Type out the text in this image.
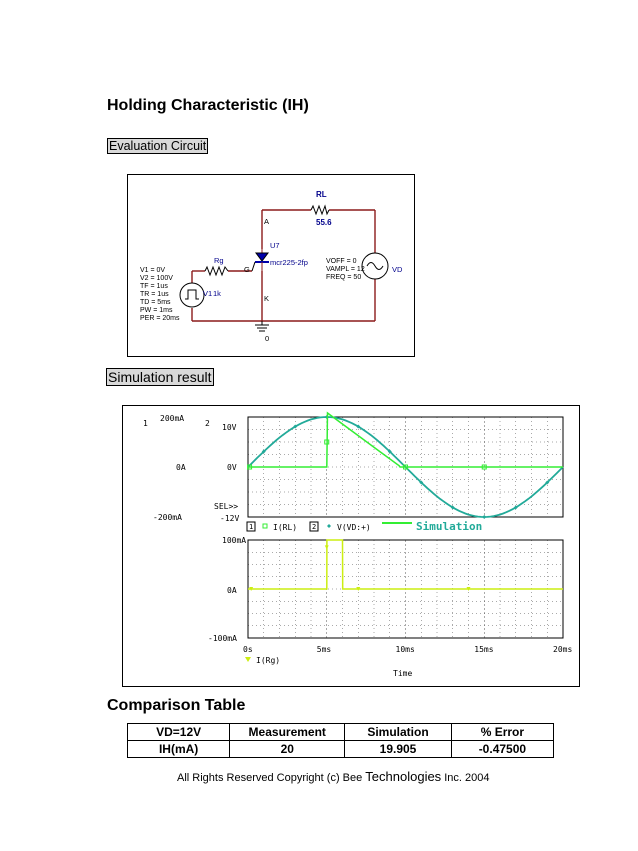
Holding Characteristic (IH)
Evaluation Circuit
RL
55.6
A
K
G
U7
mcr225-2fp
Rg
1k
V1
VD
0
V1 = 0V
V2 = 100V
TF = 1us
TR = 1us
TD = 5ms
PW = 1ms
PER = 20ms
VOFF = 0
VAMPL = 12
FREQ = 50
Simulation result
1	2
200mA
0A
-200mA
10V
0V
-12V
SEL>>
100mA
0A
-100mA
0s	5ms	10ms	15ms	20ms
Time
1 I(RL) 2	V(VD:+)	Simulation
I(Rg)
Comparison Table
VD=12V	Measurement	Simulation	% Error
IH(mA)	20	19.905	-0.47500
All Rights Reserved Copyright (c) Bee Technologies Inc. 2004
